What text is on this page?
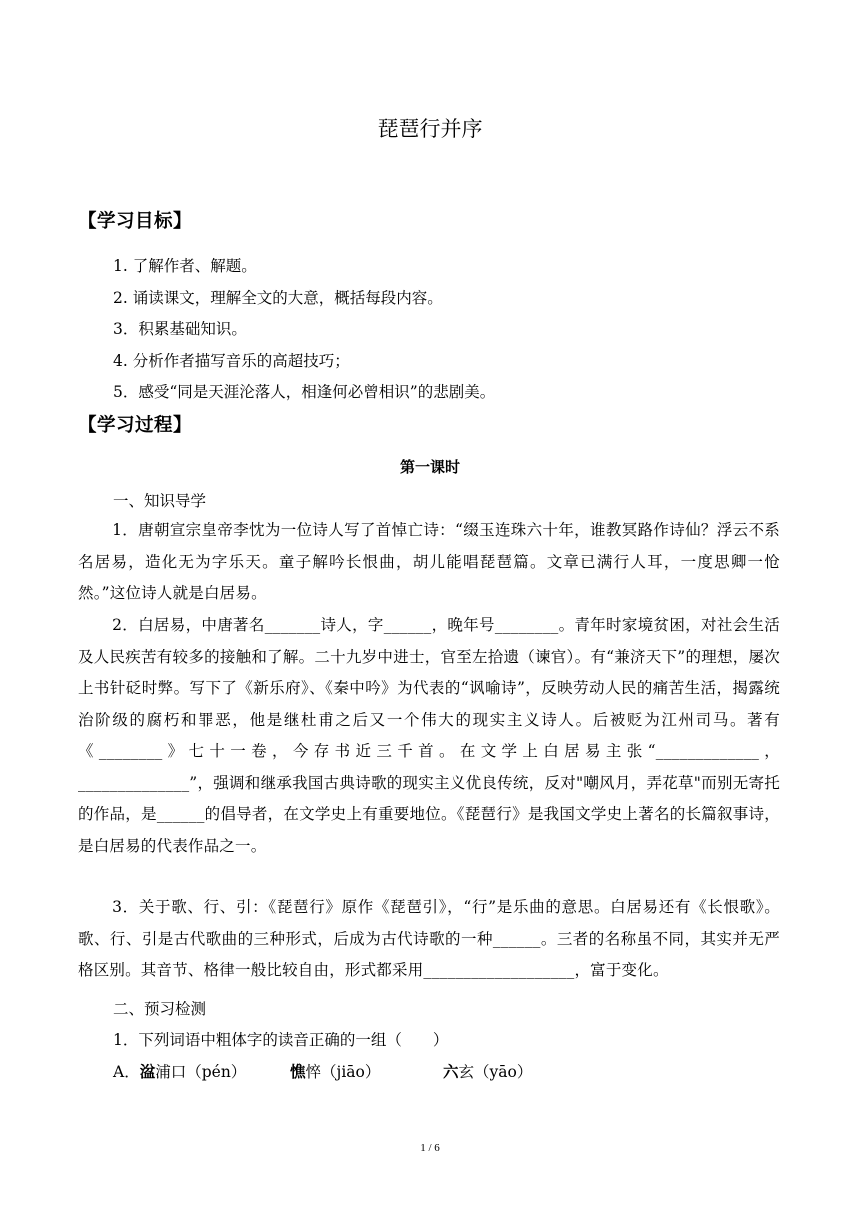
琵琶行并序
【学习目标】
1. 了解作者、解题。
2. 诵读课文，理解全文的大意，概括每段内容。
3．积累基础知识。
4. 分析作者描写音乐的高超技巧；
5．感受“同是天涯沦落人，相逢何必曾相识”的悲剧美。
【学习过程】
第一课时
一、知识导学
1．唐朝宣宗皇帝李忱为一位诗人写了首悼亡诗：“缀玉连珠六十年，谁教冥路作诗仙？浮云不系名居易，造化无为字乐天。童子解吟长恨曲，胡儿能唱琵琶篇。文章已满行人耳，一度思卿一怆然。”这位诗人就是白居易。
2．白居易，中唐著名_______诗人，字______，晚年号________。青年时家境贫困，对社会生活及人民疾苦有较多的接触和了解。二十九岁中进士，官至左拾遗（谏官）。有“兼济天下”的理想，屡次上书针砭时弊。写下了《新乐府》、《秦中吟》为代表的“讽喻诗”，反映劳动人民的痛苦生活，揭露统治阶级的腐朽和罪恶，他是继杜甫之后又一个伟大的现实主义诗人。后被贬为江州司马。著有《________》七十一卷，今存书近三千首。在文学上白居易主张“_____________，______________”，强调和继承我国古典诗歌的现实主义优良传统，反对"嘲风月，弄花草"而别无寄托的作品，是______的倡导者，在文学史上有重要地位。《琵琶行》是我国文学史上著名的长篇叙事诗，是白居易的代表作品之一。
3．关于歌、行、引：《琵琶行》原作《琵琶引》，“行”是乐曲的意思。白居易还有《长恨歌》。歌、行、引是古代歌曲的三种形式，后成为古代诗歌的一种______。三者的名称虽不同，其实并无严格区别。其音节、格律一般比较自由，形式都采用___________________，富于变化。
二、预习检测
1．下列词语中粗体字的读音正确的一组（　　）
A．湓浦口（pén）	憔悴（jiāo）	六玄（yāo）
1 / 6
